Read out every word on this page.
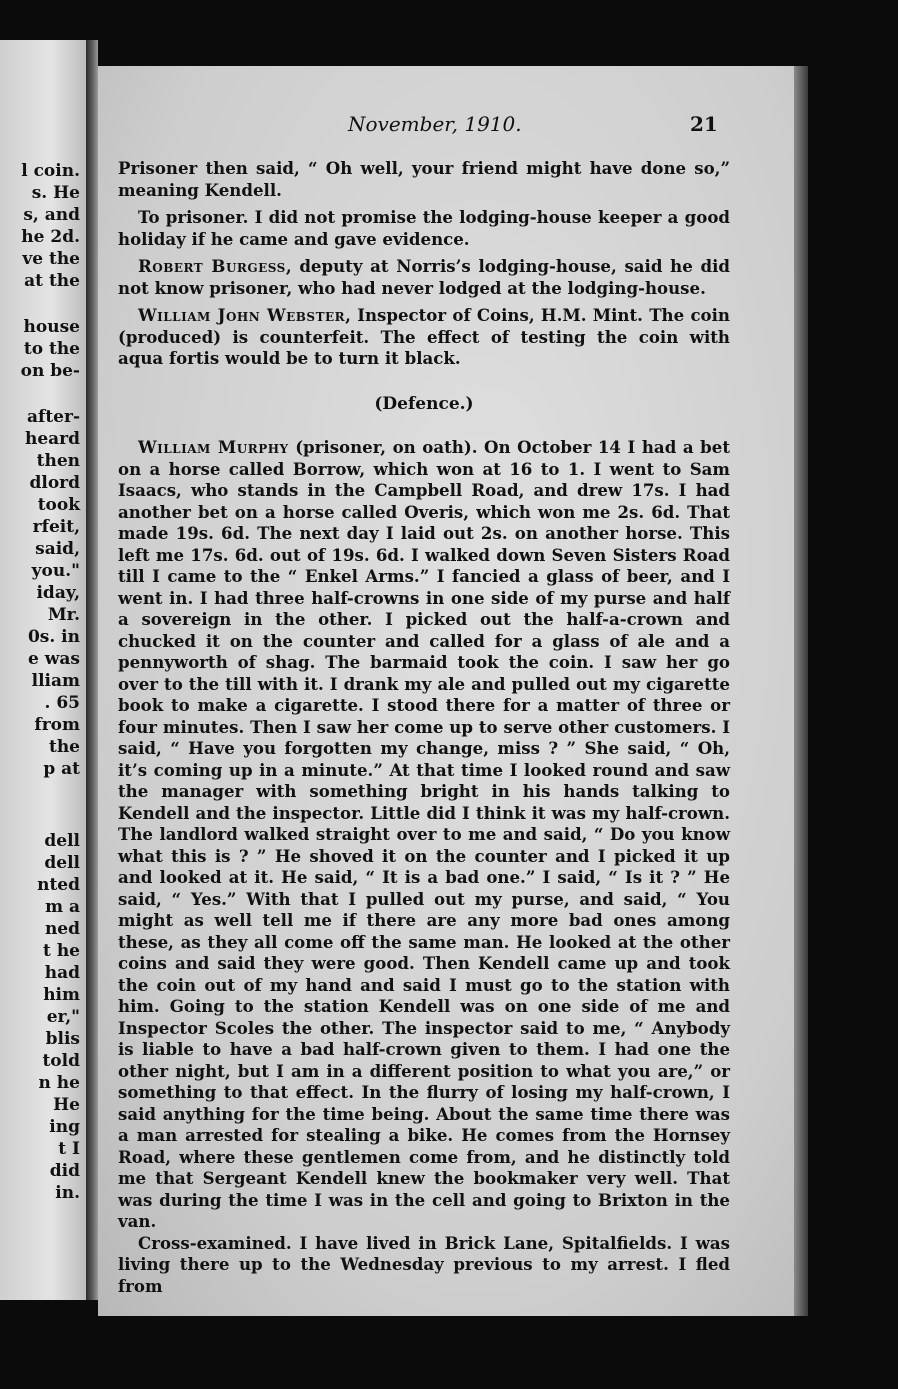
l coin.
s. He
s, and
he 2d.
ve the
at the
house
to the
on be-
after-
heard
then
dlord
took
rfeit,
said,
you."
iday,
Mr.
0s. in
e was
lliam
. 65
from
the
p at
dell
dell
nted
m a
ned
t he
had
him
er,"
blis
told
n he
He
ing
t I
did
in.
November, 1910.	21

Prisoner then said, “ Oh well, your friend might have done so,” meaning Kendell.

To prisoner. I did not promise the lodging-house keeper a good holiday if he came and gave evidence.

Robert Burgess, deputy at Norris’s lodging-house, said he did not know prisoner, who had never lodged at the lodging-house.

William John Webster, Inspector of Coins, H.M. Mint. The coin (produced) is counterfeit. The effect of testing the coin with aqua fortis would be to turn it black.

(Defence.)

William Murphy (prisoner, on oath). On October 14 I had a bet on a horse called Borrow, which won at 16 to 1. I went to Sam Isaacs, who stands in the Campbell Road, and drew 17s. I had another bet on a horse called Overis, which won me 2s. 6d. That made 19s. 6d. The next day I laid out 2s. on another horse. This left me 17s. 6d. out of 19s. 6d. I walked down Seven Sisters Road till I came to the “ Enkel Arms.” I fancied a glass of beer, and I went in. I had three half-crowns in one side of my purse and half a sovereign in the other. I picked out the half-a-crown and chucked it on the counter and called for a glass of ale and a pennyworth of shag. The barmaid took the coin. I saw her go over to the till with it. I drank my ale and pulled out my cigarette book to make a cigarette. I stood there for a matter of three or four minutes. Then I saw her come up to serve other customers. I said, “ Have you forgotten my change, miss ? ” She said, “ Oh, it’s coming up in a minute.” At that time I looked round and saw the manager with something bright in his hands talking to Kendell and the inspector. Little did I think it was my half-crown. The landlord walked straight over to me and said, “ Do you know what this is ? ” He shoved it on the counter and I picked it up and looked at it. He said, “ It is a bad one.” I said, “ Is it ? ” He said, “ Yes.” With that I pulled out my purse, and said, “ You might as well tell me if there are any more bad ones among these, as they all come off the same man. He looked at the other coins and said they were good. Then Kendell came up and took the coin out of my hand and said I must go to the station with him. Going to the station Kendell was on one side of me and Inspector Scoles the other. The inspector said to me, “ Anybody is liable to have a bad half-crown given to them. I had one the other night, but I am in a different position to what you are,” or something to that effect. In the flurry of losing my half-crown, I said anything for the time being. About the same time there was a man arrested for stealing a bike. He comes from the Hornsey Road, where these gentlemen come from, and he distinctly told me that Sergeant Kendell knew the bookmaker very well. That was during the time I was in the cell and going to Brixton in the van.

Cross-examined. I have lived in Brick Lane, Spitalfields. I was living there up to the Wednesday previous to my arrest. I fled from
